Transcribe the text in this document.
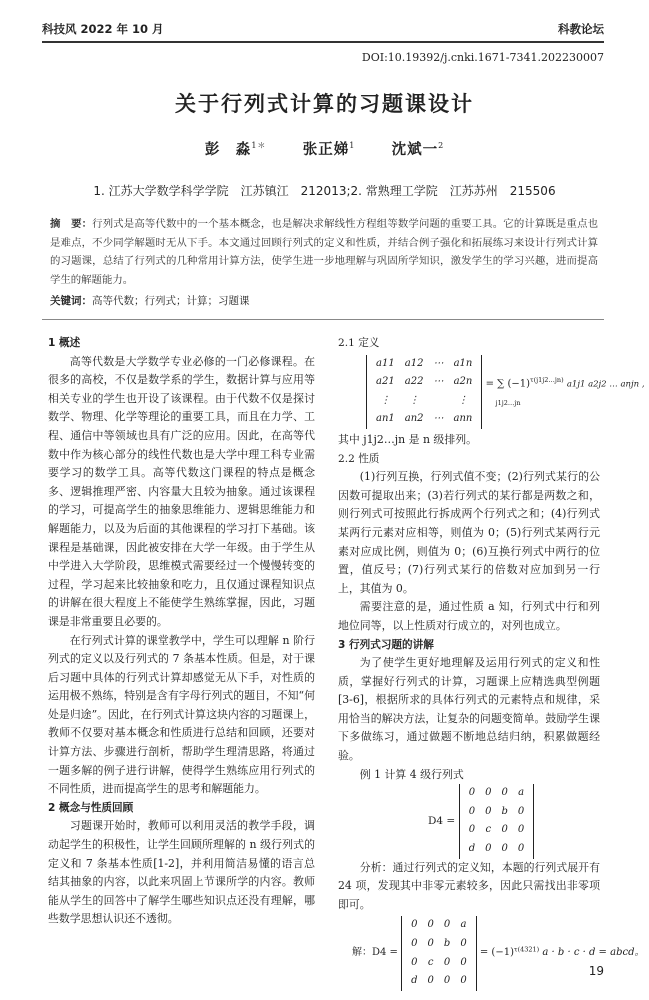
科技风 2022 年 10 月	科教论坛
DOI:10.19392/j.cnki.1671-7341.202230007
关于行列式计算的习题课设计
彭　淼$^{1*}$	张正娣$^1$	沈斌一$^2$
1. 江苏大学数学科学学院　江苏镇江　212013;2. 常熟理工学院　江苏苏州　215506
摘　要：行列式是高等代数中的一个基本概念，也是解决求解线性方程组等数学问题的重要工具。它的计算既是重点也是难点，不少同学解题时无从下手。本文通过回顾行列式的定义和性质，并结合例子强化和拓展练习来设计行列式计算的习题课，总结了行列式的几种常用计算方法，使学生进一步地理解与巩固所学知识，激发学生的学习兴趣，进而提高学生的解题能力。
关键词：高等代数；行列式；计算；习题课

1 概述

高等代数是大学数学专业必修的一门必修课程。在很多的高校，不仅是数学系的学生，数据计算与应用等相关专业的学生也开设了该课程。由于代数不仅是探讨数学、物理、化学等理论的重要工具，而且在力学、工程、通信中等领域也具有广泛的应用。因此，在高等代数中作为核心部分的线性代数也是大学中理工科专业需要学习的数学工具。高等代数这门课程的特点是概念多、逻辑推理严密、内容量大且较为抽象。通过该课程的学习，可提高学生的抽象思维能力、逻辑思维能力和解题能力，以及为后面的其他课程的学习打下基础。该课程是基础课，因此被安排在大学一年级。由于学生从中学进入大学阶段，思维模式需要经过一个慢慢转变的过程，学习起来比较抽象和吃力，且仅通过课程知识点的讲解在很大程度上不能使学生熟练掌握，因此，习题课是非常重要且必要的。

在行列式计算的课堂教学中，学生可以理解 n 阶行列式的定义以及行列式的 7 条基本性质。但是，对于课后习题中具体的行列式计算却感觉无从下手，对性质的运用极不熟练，特别是含有字母行列式的题目，不知“何处是归途”。因此，在行列式计算这块内容的习题课上，教师不仅要对基本概念和性质进行总结和回顾，还要对计算方法、步骤进行剖析，帮助学生理清思路，将通过一题多解的例子进行讲解，使得学生熟练应用行列式的不同性质，进而提高学生的思考和解题能力。

2 概念与性质回顾

习题课开始时，教师可以利用灵活的教学手段，调动起学生的积极性，让学生回顾所理解的 n 级行列式的定义和 7 条基本性质[1-2]，并利用简洁易懂的语言总结其抽象的内容，以此来巩固上节课所学的内容。教师能从学生的回答中了解学生哪些知识点还没有理解，哪些数学思想认识还不透彻。

2.1 定义

a11	a12	⋯	a1n
a21	a22	⋯	a2n
⋮	⋮		⋮
an1	an2	⋯	ann
= ∑ $(-1)^{\tau(j1j2\dots jn)}$ a1j1 a2j2 … anjn ,
j1j2…jn

其中 j1j2…jn 是 n 级排列。

2.2 性质

(1)行列互换，行列式值不变；(2)行列式某行的公因数可提取出来；(3)若行列式的某行都是两数之和，则行列式可按照此行拆成两个行列式之和；(4)行列式某两行元素对应相等，则值为 0；(5)行列式某两行元素对应成比例，则值为 0；(6)互换行列式中两行的位置，值反号；(7)行列式某行的倍数对应加到另一行上，其值为 0。

需要注意的是，通过性质 a 知，行列式中行和列地位同等，以上性质对行成立的，对列也成立。

3 行列式习题的讲解

为了使学生更好地理解及运用行列式的定义和性质，掌握好行列式的计算，习题课上应精选典型例题[3-6]，根据所求的具体行列式的元素特点和规律，采用恰当的解决方法，让复杂的问题变简单。鼓励学生课下多做练习，通过做题不断地总结归纳，积累做题经验。

例 1 计算 4 级行列式

D4 =
0	0	0	a
0	0	b	0
0	c	0	0
d	0	0	0

分析：通过行列式的定义知，本题的行列式展开有 24 项，发现其中非零元素较多，因此只需找出非零项即可。

解：D4 =
0	0	0	a
0	0	b	0
0	c	0	0
d	0	0	0
= $(-1)^{\tau(4321)}$ a · b · c · d = abcd。
19
